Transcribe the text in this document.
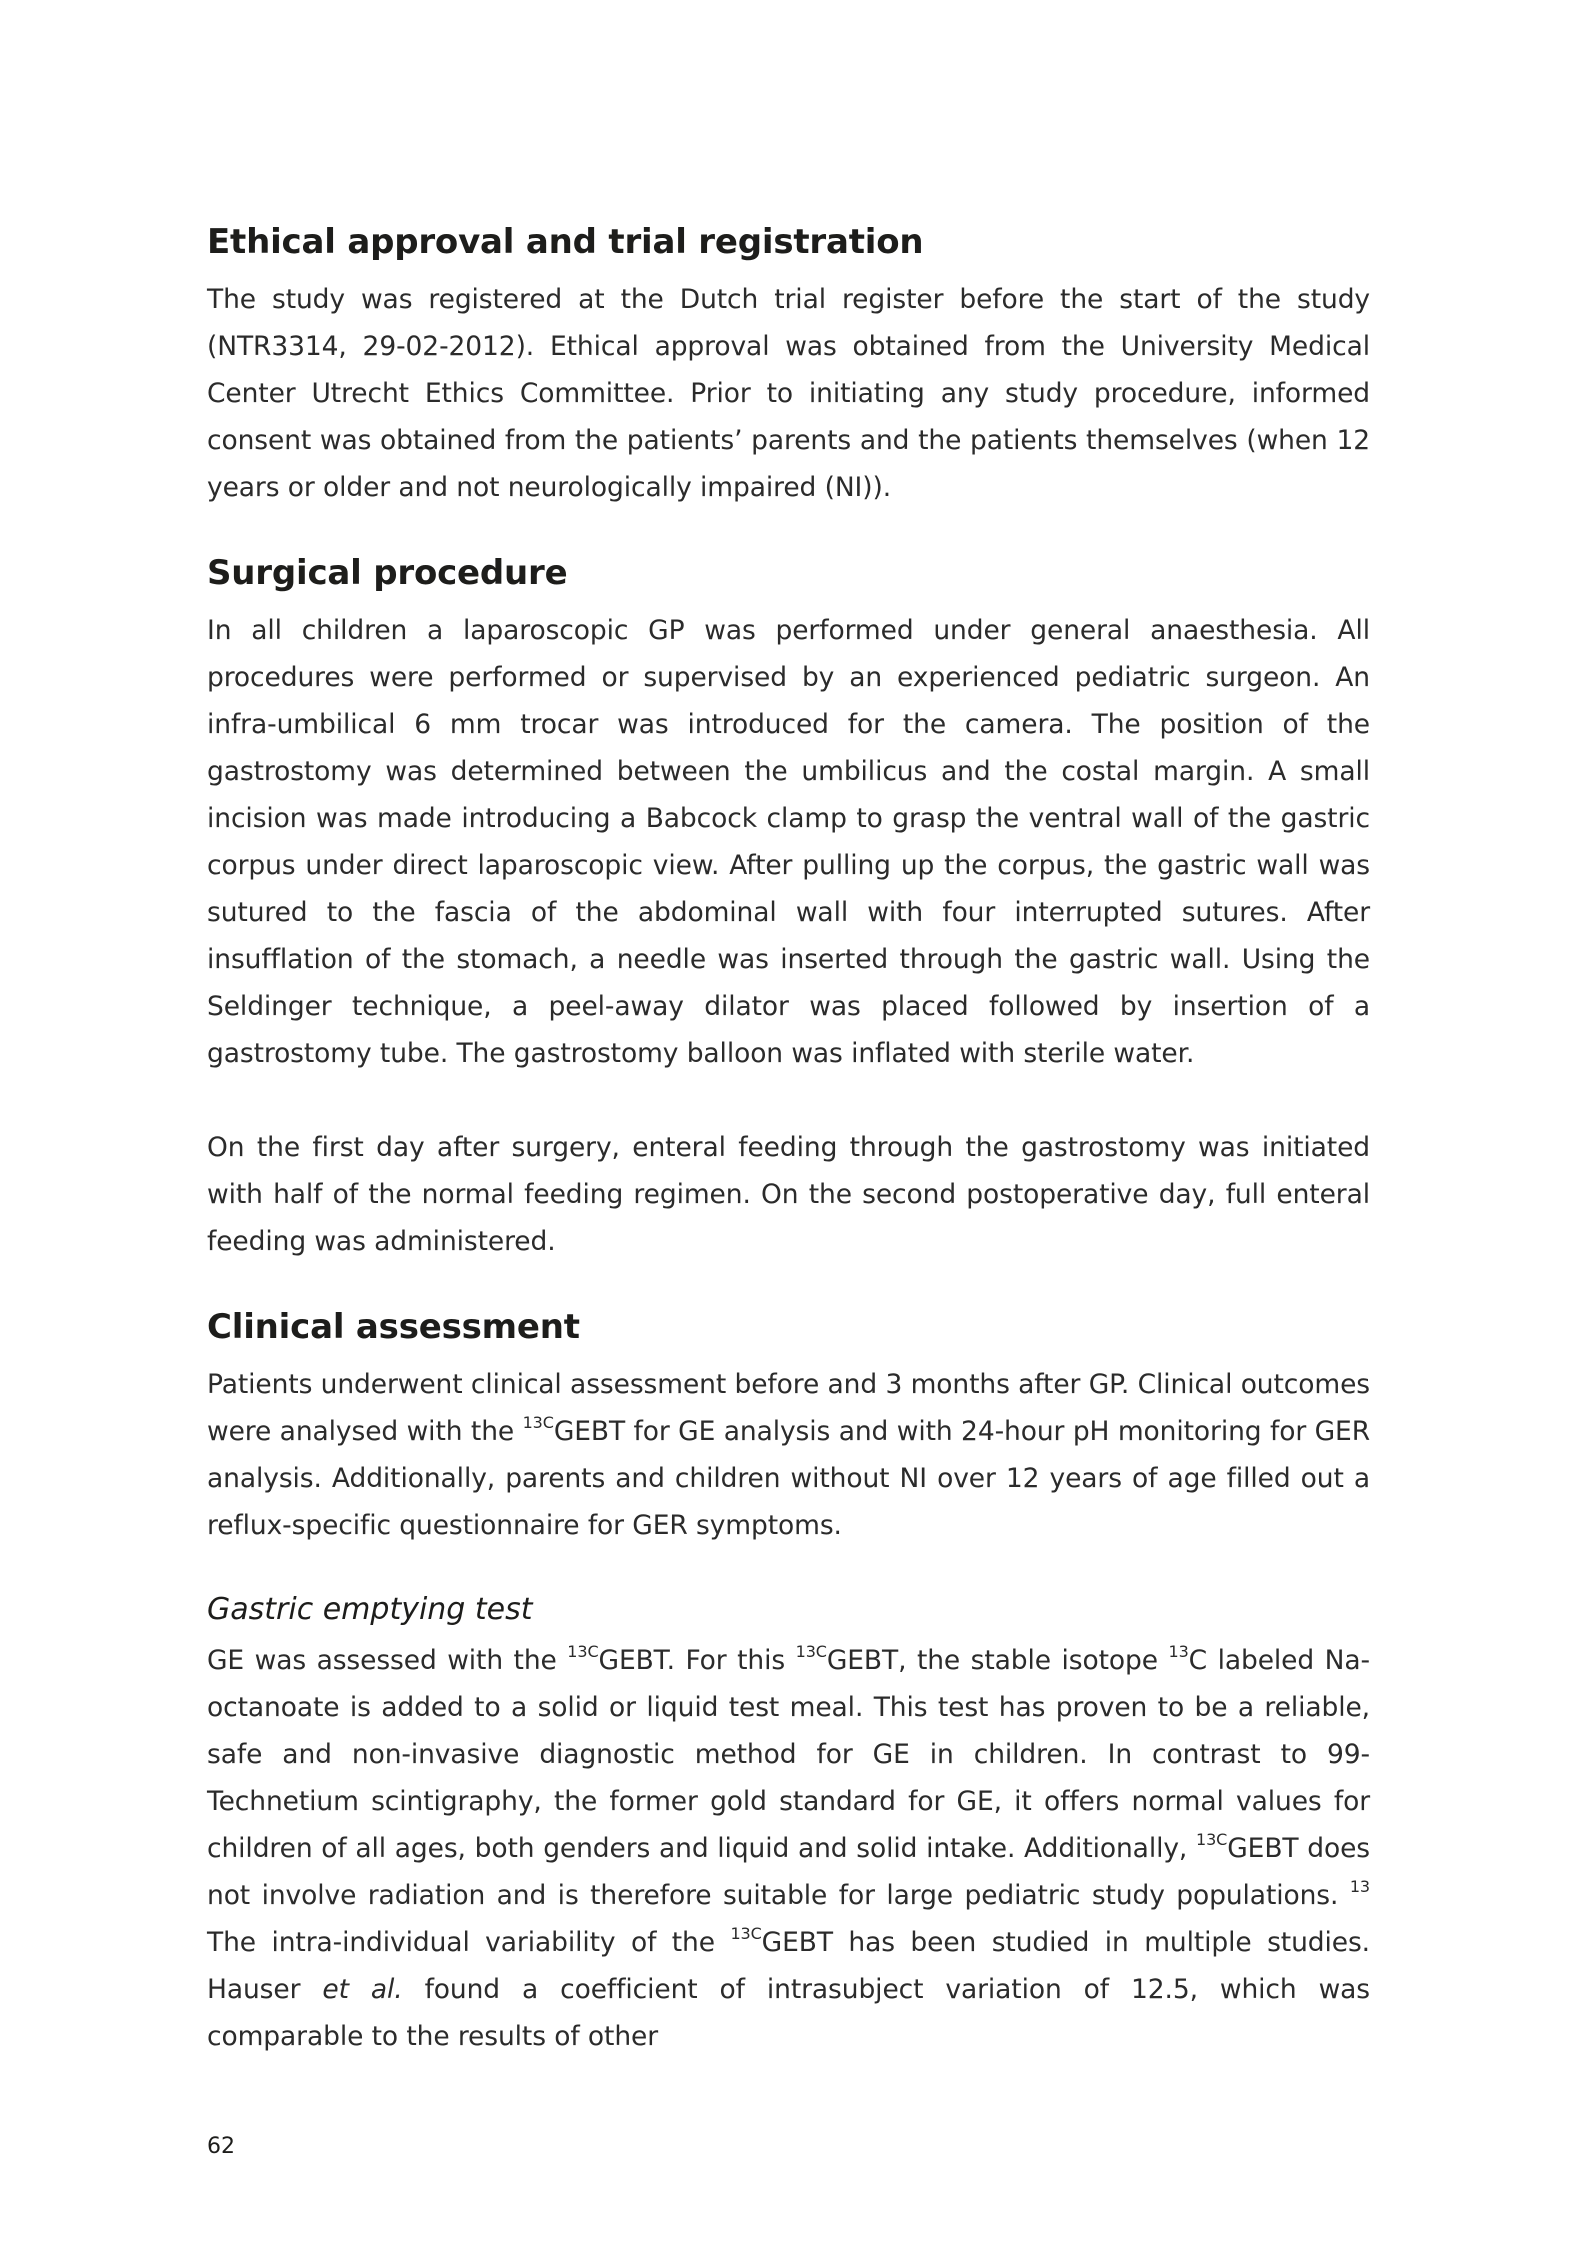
Ethical approval and trial registration

The study was registered at the Dutch trial register before the start of the study (NTR3314, 29-02-2012). Ethical approval was obtained from the University Medical Center Utrecht Ethics Committee. Prior to initiating any study procedure, informed consent was obtained from the patients’ parents and the patients themselves (when 12 years or older and not neurologically impaired (NI)).

Surgical procedure

In all children a laparoscopic GP was performed under general anaesthesia. All procedures were performed or supervised by an experienced pediatric surgeon. An infra-umbilical 6 mm trocar was introduced for the camera. The position of the gastrostomy was determined between the umbilicus and the costal margin. A small incision was made introducing a Babcock clamp to grasp the ventral wall of the gastric corpus under direct laparoscopic view. After pulling up the corpus, the gastric wall was sutured to the fascia of the abdominal wall with four interrupted sutures. After insufflation of the stomach, a needle was inserted through the gastric wall. Using the Seldinger technique, a peel-away dilator was placed followed by insertion of a gastrostomy tube. The gastrostomy balloon was inflated with sterile water.

On the first day after surgery, enteral feeding through the gastrostomy was initiated with half of the normal feeding regimen. On the second postoperative day, full enteral feeding was administered.

Clinical assessment

Patients underwent clinical assessment before and 3 months after GP. Clinical outcomes were analysed with the $^{13C}$GEBT for GE analysis and with 24-hour pH monitoring for GER analysis. Additionally, parents and children without NI over 12 years of age filled out a reflux-specific questionnaire for GER symptoms.

Gastric emptying test

GE was assessed with the $^{13C}$GEBT. For this $^{13C}$GEBT, the stable isotope $^{13}$C labeled Na-octanoate is added to a solid or liquid test meal. This test has proven to be a reliable, safe and non-invasive diagnostic method for GE in children. In contrast to 99-Technetium scintigraphy, the former gold standard for GE, it offers normal values for children of all ages, both genders and liquid and solid intake. Additionally, $^{13C}$GEBT does not involve radiation and is therefore suitable for large pediatric study populations. $^{13}$ The intra-individual variability of the $^{13C}$GEBT has been studied in multiple studies. Hauser et al. found a coefficient of intrasubject variation of 12.5, which was comparable to the results of other

62
